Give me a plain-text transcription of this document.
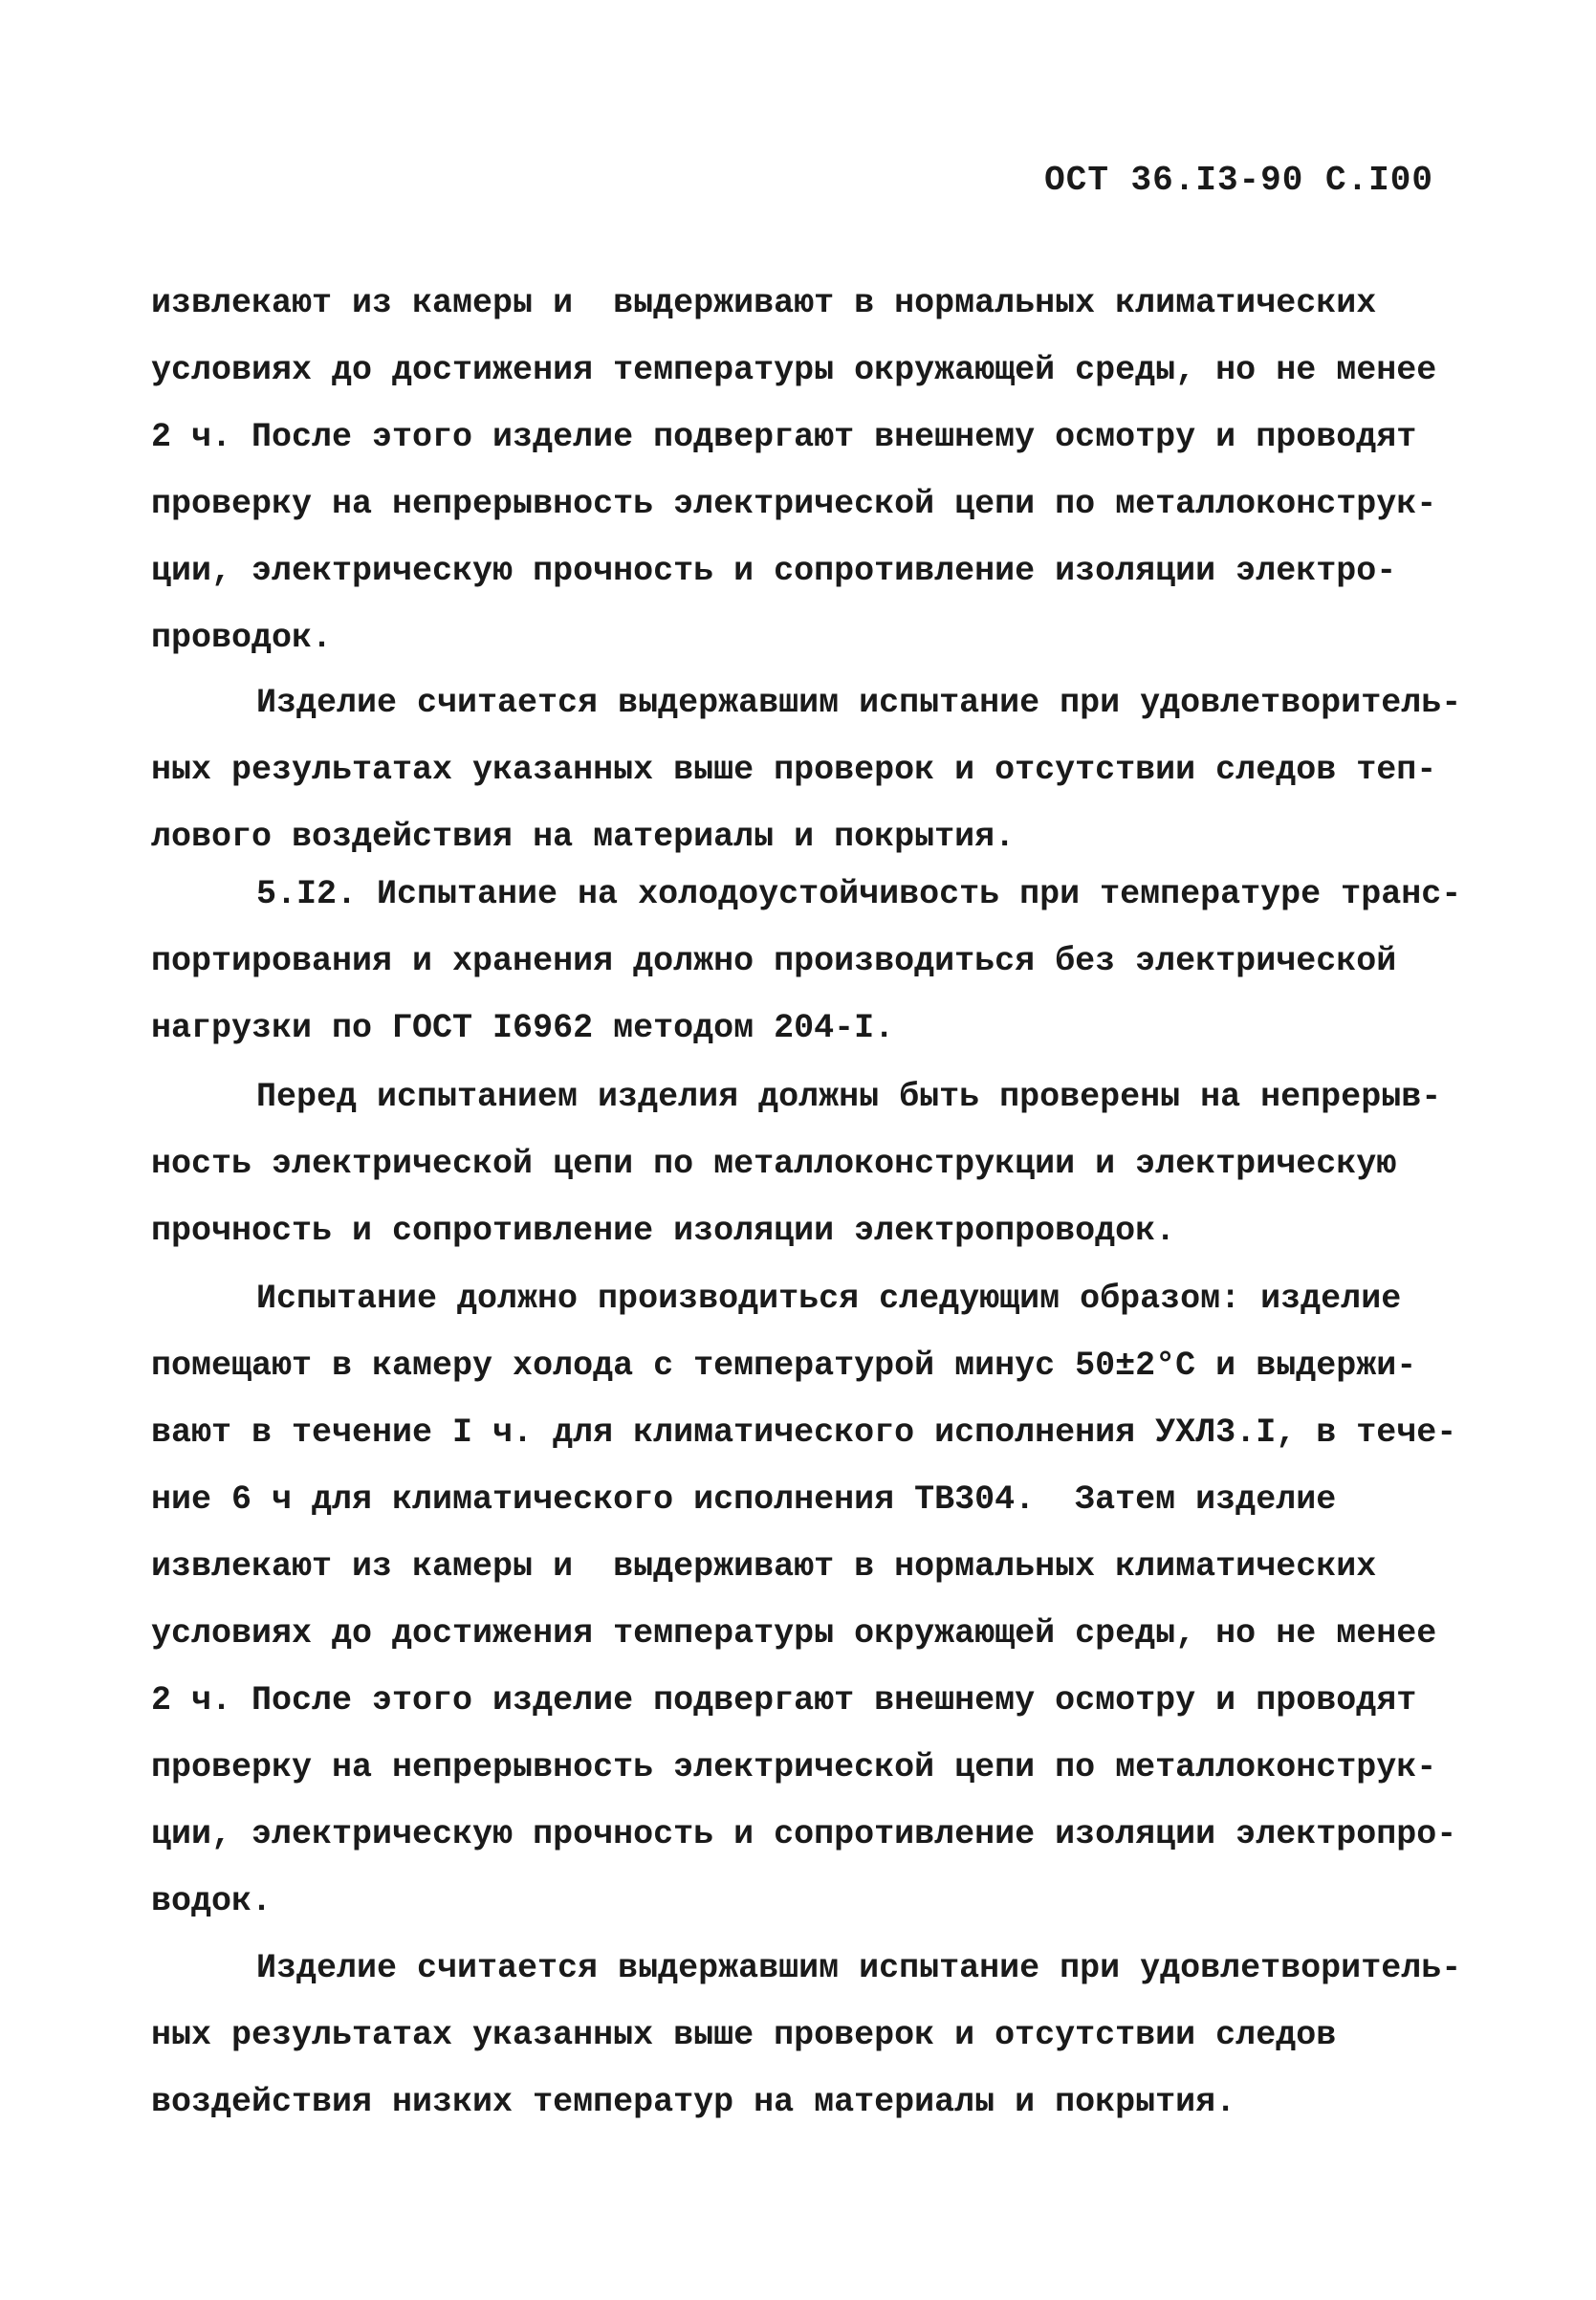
ОСТ 36.I3-90 С.I00
извлекают из камеры и  выдерживают в нормальных климатических
условиях до достижения температуры окружающей среды, но не менее
2 ч. После этого изделие подвергают внешнему осмотру и проводят
проверку на непрерывность электрической цепи по металлоконструк-
ции, электрическую прочность и сопротивление изоляции электро-
проводок.
Изделие считается выдержавшим испытание при удовлетворитель-
ных результатах указанных выше проверок и отсутствии следов теп-
лового воздействия на материалы и покрытия.
5.I2. Испытание на холодоустойчивость при температуре транс-
портирования и хранения должно производиться без электрической
нагрузки по ГОСТ I6962 методом 204-I.
Перед испытанием изделия должны быть проверены на непрерыв-
ность электрической цепи по металлоконструкции и электрическую
прочность и сопротивление изоляции электропроводок.
Испытание должно производиться следующим образом: изделие
помещают в камеру холода с температурой минус 50±2°С и выдержи-
вают в течение I ч. для климатического исполнения УХЛ3.I, в тече-
ние 6 ч для климатического исполнения ТВ304.  Затем изделие
извлекают из камеры и  выдерживают в нормальных климатических
условиях до достижения температуры окружающей среды, но не менее
2 ч. После этого изделие подвергают внешнему осмотру и проводят
проверку на непрерывность электрической цепи по металлоконструк-
ции, электрическую прочность и сопротивление изоляции электропро-
водок.
Изделие считается выдержавшим испытание при удовлетворитель-
ных результатах указанных выше проверок и отсутствии следов
воздействия низких температур на материалы и покрытия.
